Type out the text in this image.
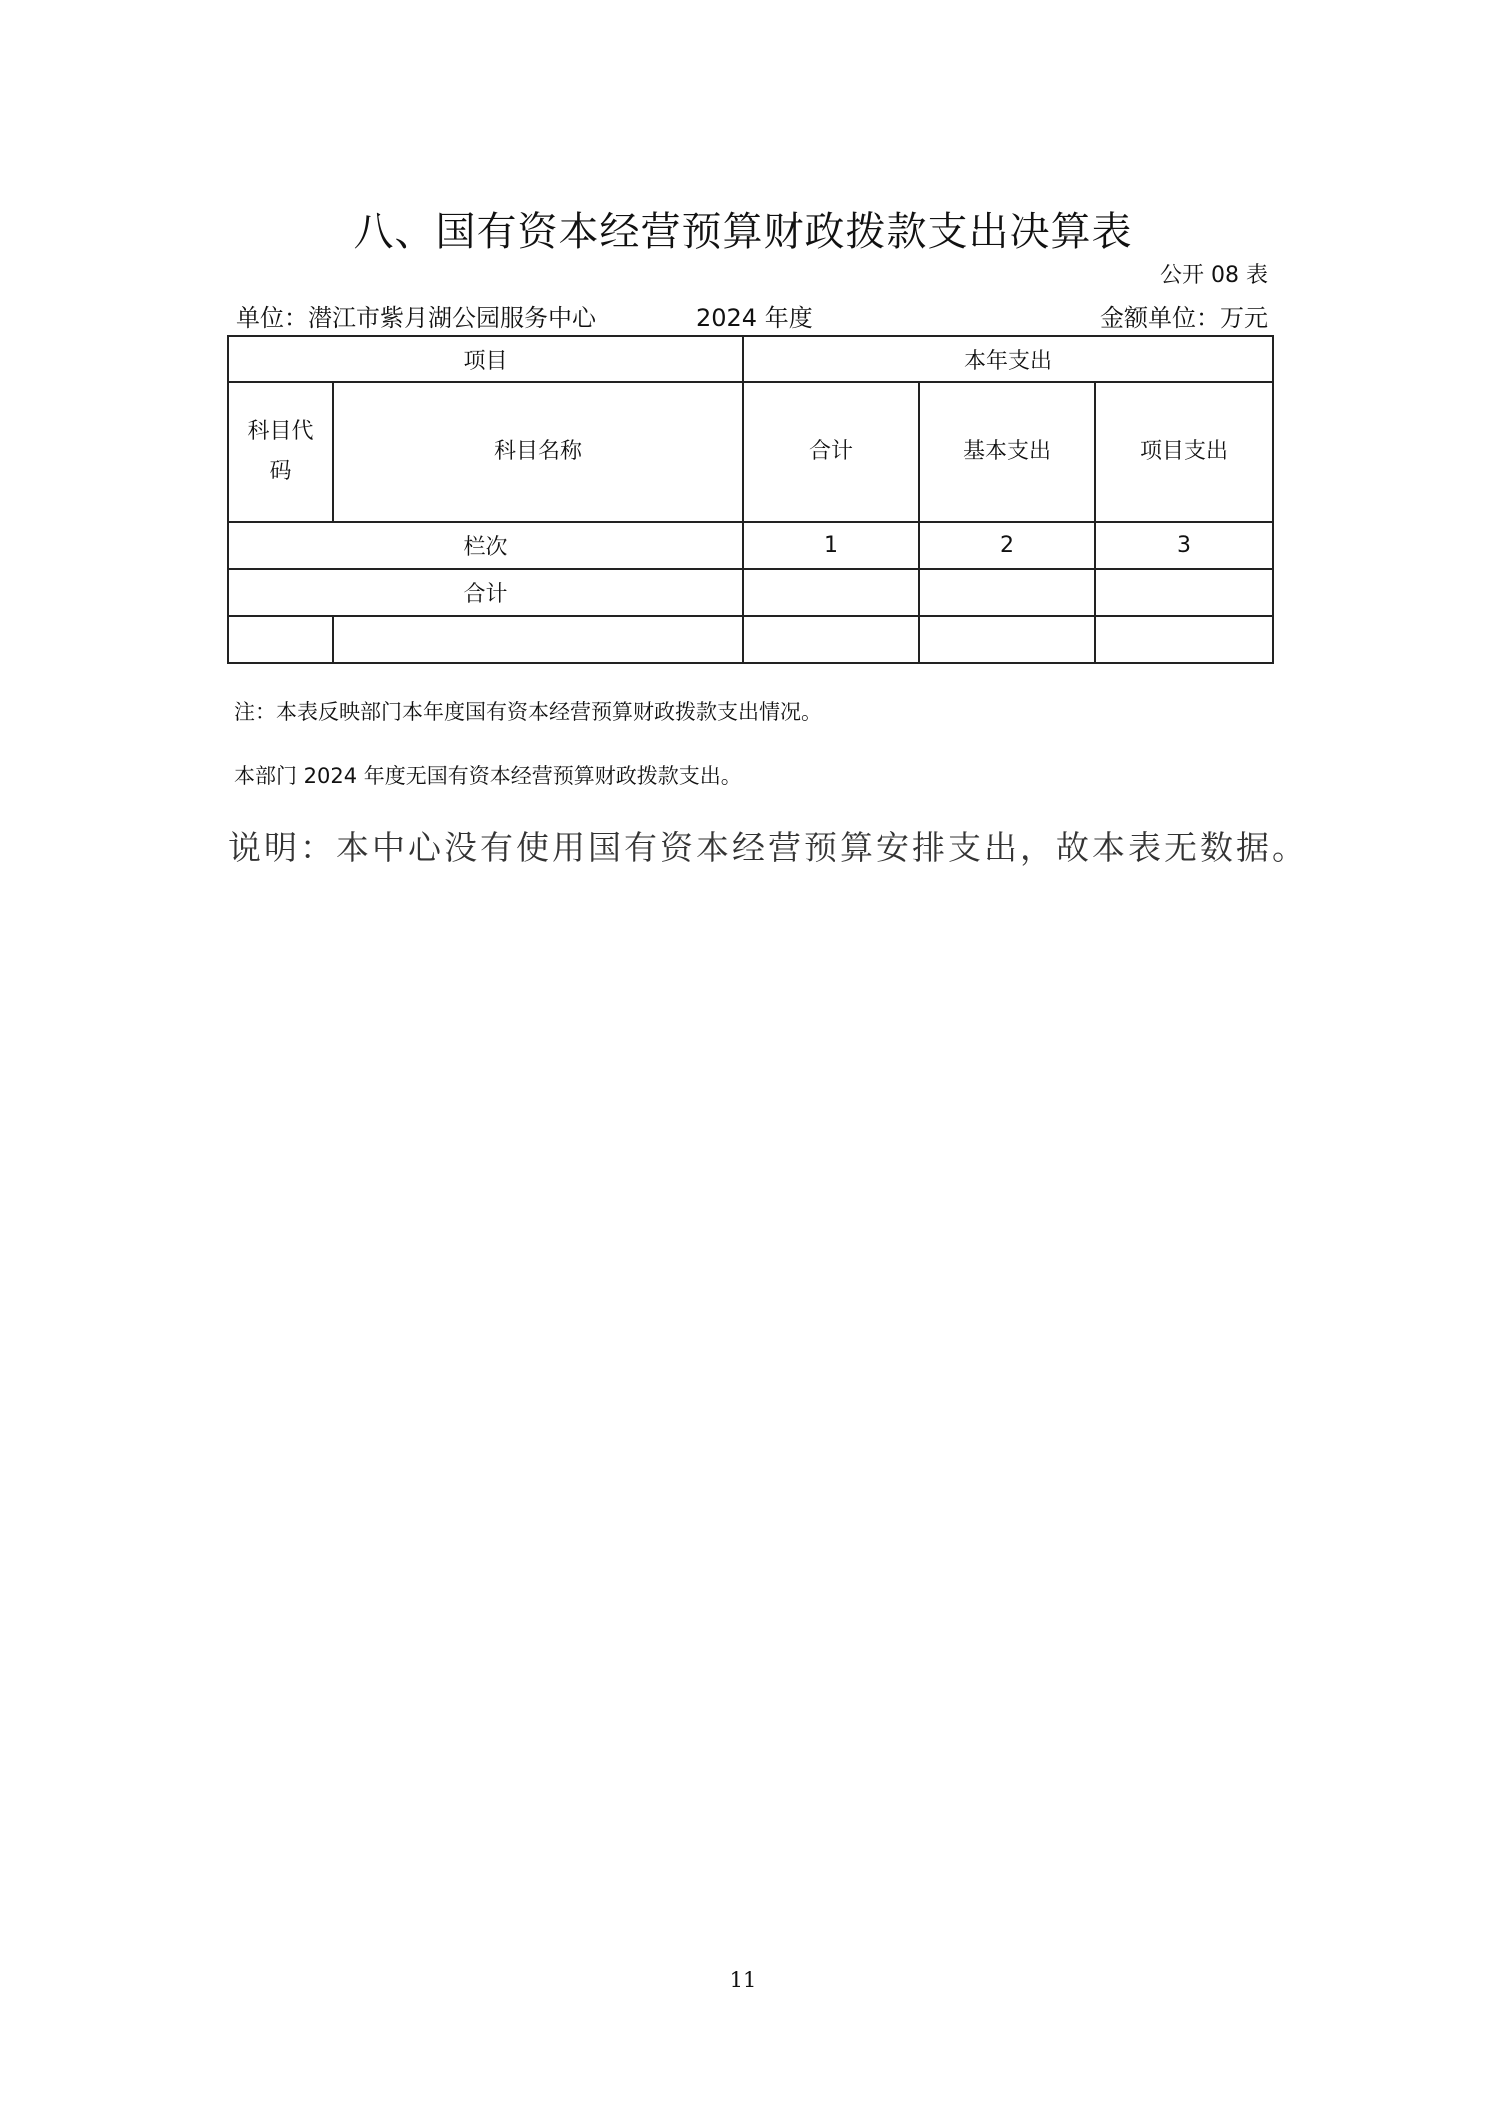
八、国有资本经营预算财政拨款支出决算表
公开 08 表
单位：潜江市紫月湖公园服务中心	2024 年度	金额单位：万元
项目		本年支出		
科目代码	科目名称	合计	基本支出	项目支出
栏次		1	2	3
合计				

注：本表反映部门本年度国有资本经营预算财政拨款支出情况。
本部门 2024 年度无国有资本经营预算财政拨款支出。
说明：本中心没有使用国有资本经营预算安排支出，故本表无数据。
11
